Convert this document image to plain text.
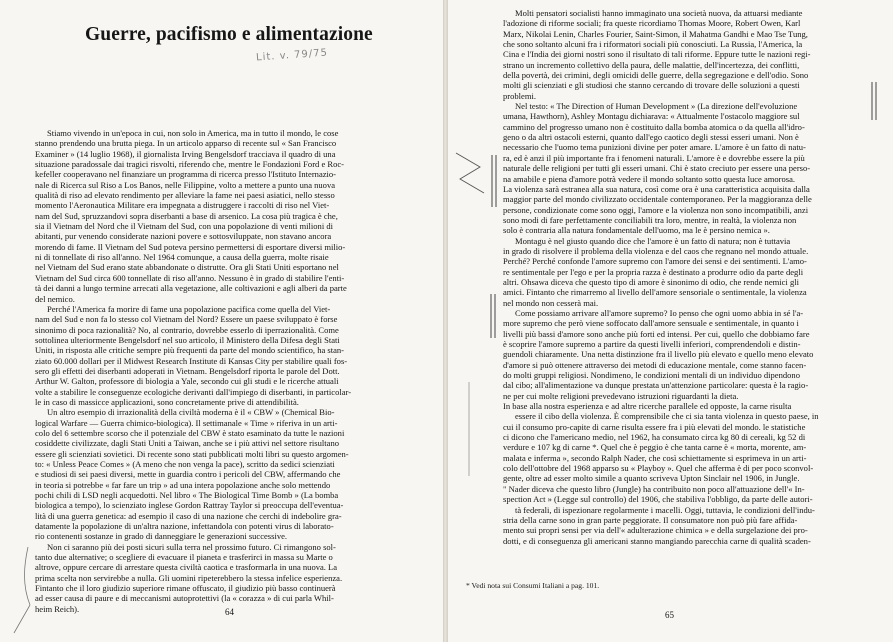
Guerre, pacifismo e alimentazione
Lit. v. 79/75
Stiamo vivendo in un'epoca in cui, non solo in America, ma in tutto il mondo, le cose
stanno prendendo una brutta piega. In un articolo apparso di recente sul « San Francisco
Examiner » (14 luglio 1968), il giornalista Irving Bengelsdorf tracciava il quadro di una
situazione paradossale dai tragici risvolti, riferendo che, mentre le Fondazioni Ford e Roc-
kefeller cooperavano nel finanziare un programma di ricerca presso l'Istituto Internazio-
nale di Ricerca sul Riso a Los Banos, nelle Filippine, volto a mettere a punto una nuova
qualità di riso ad elevato rendimento per alleviare la fame nei paesi asiatici, nello stesso
momento l'Aeronautica Militare era impegnata a distruggere i raccolti di riso nel Viet-
nam del Sud, spruzzandovi sopra diserbanti a base di arsenico. La cosa più tragica è che,
sia il Vietnam del Nord che il Vietnam del Sud, con una popolazione di venti milioni di
abitanti, pur venendo considerate nazioni povere e sottosviluppate, non stavano ancora
morendo di fame. Il Vietnam del Sud poteva persino permettersi di esportare diversi milio-
ni di tonnellate di riso all'anno. Nel 1964 comunque, a causa della guerra, molte risaie
nel Vietnam del Sud erano state abbandonate o distrutte. Ora gli Stati Uniti esportano nel
Vietnam del Sud circa 600 tonnellate di riso all'anno. Nessuno è in grado di stabilire l'enti-
tà dei danni a lungo termine arrecati alla vegetazione, alle coltivazioni e agli alberi da parte
del nemico.
Perché l'America fa morire di fame una popolazione pacifica come quella del Viet-
nam del Sud e non fa lo stesso col Vietnam del Nord? Essere un paese sviluppato è forse
sinonimo di poca razionalità? No, al contrario, dovrebbe esserlo di iperrazionalità. Come
sottolinea ulteriormente Bengelsdorf nel suo articolo, il Ministero della Difesa degli Stati
Uniti, in risposta alle critiche sempre più frequenti da parte del mondo scientifico, ha stan-
ziato 60.000 dollari per il Midwest Research Institute di Kansas City per stabilire quali fos-
sero gli effetti dei diserbanti adoperati in Vietnam. Bengelsdorf riporta le parole del Dott.
Arthur W. Galton, professore di biologia a Yale, secondo cui gli studi e le ricerche attuali
volte a stabilire le conseguenze ecologiche derivanti dall'impiego di diserbanti, in particolar-
le in caso di massicce applicazioni, sono concretamente prive di attendibilità.
Un altro esempio di irrazionalità della civiltà moderna è il « CBW » (Chemical Bio-
logical Warfare — Guerra chimico-biologica). Il settimanale « Time » riferiva in un arti-
colo del 6 settembre scorso che il potenziale del CBW è stato esaminato da tutte le nazioni
cosiddette civilizzate, dagli Stati Uniti a Taiwan, anche se i più attivi nel settore risultano
essere gli scienziati sovietici. Di recente sono stati pubblicati molti libri su questo argomen-
to: « Unless Peace Comes » (A meno che non venga la pace), scritto da sedici scienziati
e studiosi di sei paesi diversi, mette in guardia contro i pericoli del CBW, affermando che
in teoria si potrebbe « far fare un trip » ad una intera popolazione anche solo mettendo
pochi chili di LSD negli acquedotti. Nel libro « The Biological Time Bomb » (La bomba
biologica a tempo), lo scienziato inglese Gordon Rattray Taylor si preoccupa dell'eventua-
lità di una guerra genetica: ad esempio il caso di una nazione che cerchi di indebolire gra-
datamente la popolazione di un'altra nazione, infettandola con potenti virus di laborato-
rio contenenti sostanze in grado di danneggiare le generazioni successive.
Non ci saranno più dei posti sicuri sulla terra nel prossimo futuro. Ci rimangono sol-
tanto due alternative; o scegliere di evacuare il pianeta e trasferirci in massa su Marte o
altrove, oppure cercare di arrestare questa civiltà caotica e trasformarla in una nuova. La
prima scelta non servirebbe a nulla. Gli uomini ripeterebbero la stessa infelice esperienza.
Fintanto che il loro giudizio superiore rimane offuscato, il giudizio più basso continuerà
ad esser causa di paure e di meccanismi autoprotettivi (la « corazza » di cui parla Whil-
heim Reich).	64
Molti pensatori socialisti hanno immaginato una società nuova, da attuarsi mediante
l'adozione di riforme sociali; fra queste ricordiamo Thomas Moore, Robert Owen, Karl
Marx, Nikolai Lenin, Charles Fourier, Saint-Simon, il Mahatma Gandhi e Mao Tse Tung,
che sono soltanto alcuni fra i riformatori sociali più conosciuti. La Russia, l'America, la
Cina e l'India dei giorni nostri sono il risultato di tali riforme. Eppure tutte le nazioni regi-
strano un incremento collettivo della paura, delle malattie, dell'incertezza, dei conflitti,
della povertà, dei crimini, degli omicidi delle guerre, della segregazione e dell'odio. Sono
molti gli scienziati e gli studiosi che stanno cercando di trovare delle soluzioni a questi
problemi.
Nel testo: « The Direction of Human Development » (La direzione dell'evoluzione
umana, Hawthorn), Ashley Montagu dichiarava: « Attualmente l'ostacolo maggiore sul
cammino del progresso umano non è costituito dalla bomba atomica o da quella all'idro-
geno o da altri ostacoli esterni, quanto dall'ego caotico degli stessi esseri umani. Non è
necessario che l'uomo tema punizioni divine per poter amare. L'amore è un fatto di natu-
ra, ed è anzi il più importante fra i fenomeni naturali. L'amore è e dovrebbe essere la più
naturale delle religioni per tutti gli esseri umani. Chi è stato creciuto per essere una perso-
na amabile e piena d'amore potrà vedere il mondo soltanto sotto questa luce amorosa.
La violenza sarà estranea alla sua natura, così come ora è una caratteristica acquisita dalla
maggior parte del mondo civilizzato occidentale contemporaneo. Per la maggioranza delle
persone, condizionate come sono oggi, l'amore e la violenza non sono incompatibili, anzi
sono modi di fare perfettamente conciliabili tra loro, mentre, in realtà, la violenza non
solo è contraria alla natura fondamentale dell'uomo, ma le è persino nemica ».
Montagu è nel giusto quando dice che l'amore è un fatto di natura; non è tuttavia
in grado di risolvere il problema della violenza e del caos che regnano nel mondo attuale.
Perché? Perché confonde l'amore supremo con l'amore dei sensi e dei sentimenti. L'amo-
re sentimentale per l'ego e per la propria razza è destinato a produrre odio da parte degli
altri. Ohsawa diceva che questo tipo di amore è sinonimo di odio, che rende nemici gli
amici. Fintanto che rimarremo al livello dell'amore sensoriale o sentimentale, la violenza
nel mondo non cesserà mai.
Come possiamo arrivare all'amore supremo? Io penso che ogni uomo abbia in sé l'a-
more supremo che però viene soffocato dall'amore sensuale e sentimentale, in quanto i
livelli più bassi d'amore sono anche più forti ed intensi. Per cui, quello che dobbiamo fare
è scoprire l'amore supremo a partire da questi livelli inferiori, comprendendoli e distin-
guendoli chiaramente. Una netta distinzione fra il livello più elevato e quello meno elevato
d'amore si può ottenere attraverso dei metodi di educazione mentale, come stanno facen-
do molti gruppi religiosi. Nondimeno, le condizioni mentali di un individuo dipendono
dal cibo; all'alimentazione va dunque prestata un'attenzione particolare: questa è la ragio-
ne per cui molte religioni prevedevano istruzioni riguardanti la dieta.
In base alla nostra esperienza e ad altre ricerche parallele ed opposte, la carne risulta
essere il cibo della violenza. È comprensibile che ci sia tanta violenza in questo paese, in
cui il consumo pro-capite di carne risulta essere fra i più elevati del mondo. le statistiche
ci dicono che l'americano medio, nel 1962, ha consumato circa kg 80 di cereali, kg 52 di
verdure e 107 kg di carne *. Quel che è peggio è che tanta carne è « morta, morente, am-
malata e inferma », secondo Ralph Nader, che così schiettamente si esprimeva in un arti-
colo dell'ottobre del 1968 apparso su « Playboy ». Quel che afferma è di per poco sconvol-
gente, oltre ad esser molto simile a quanto scriveva Upton Sinclair nel 1906, in Jungle.
" Nader diceva che questo libro (Jungle) ha contribuito non poco all'attuazione dell'« In-
spection Act » (Legge sul controllo) del 1906, che stabiliva l'obbligo, da parte delle autori-
tà federali, di ispezionare regolarmente i macelli. Oggi, tuttavia, le condizioni dell'indu-
stria della carne sono in gran parte peggiorate. Il consumatore non può più fare affida-
mento sui propri sensi per via dell'« adulterazione chimica » e della surgelazione dei pro-
dotti, e di conseguenza gli americani stanno mangiando parecchia carne di qualità scaden-
65
* Vedi nota sui Consumi Italiani a pag. 101.
